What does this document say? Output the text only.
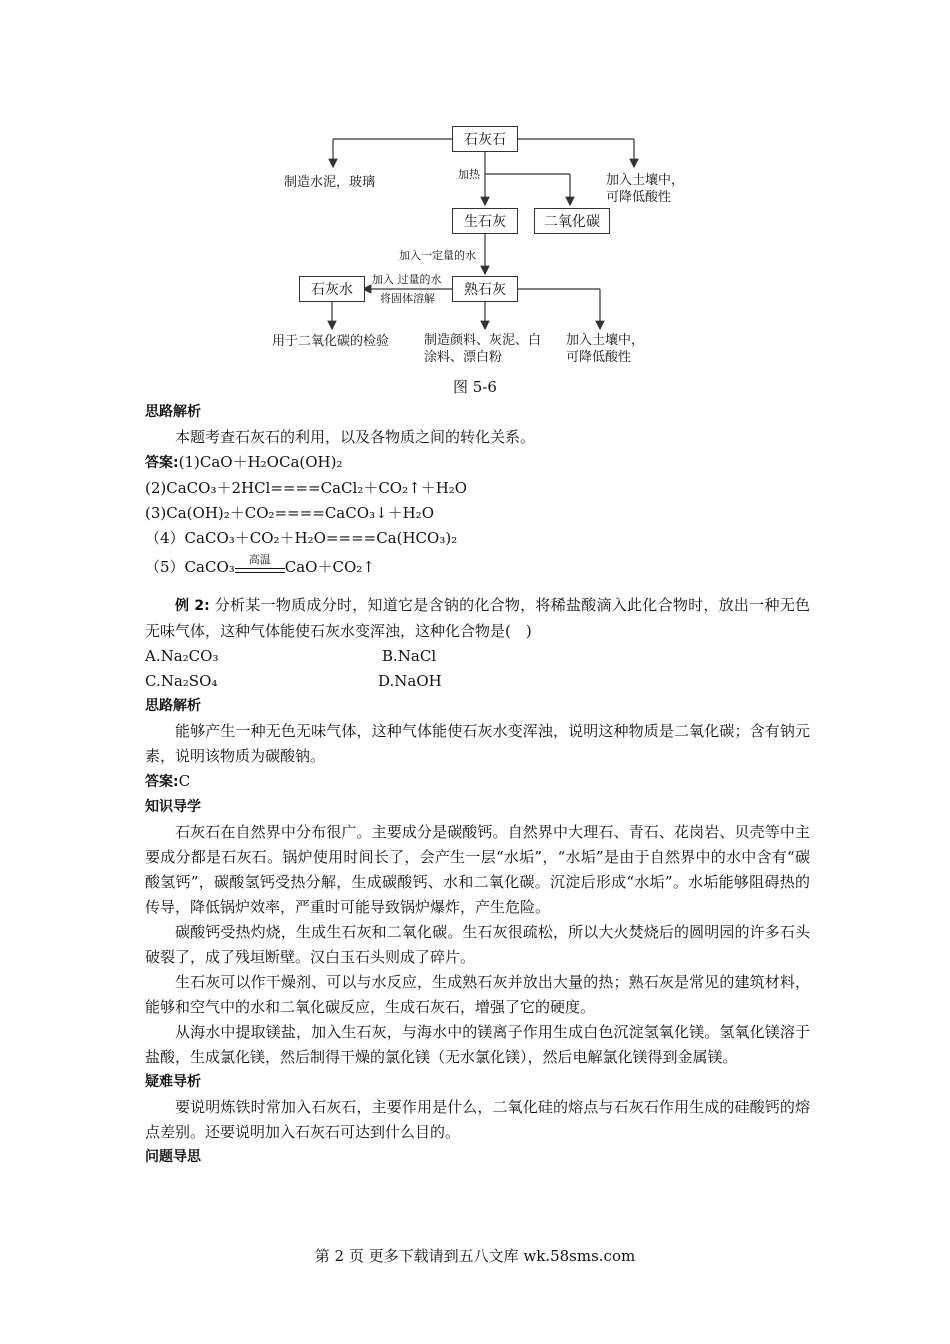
石灰石
生石灰	二氧化碳
熟石灰
石灰水
制造水泥，玻璃
加热	加入土壤中，
可降低酸性
加入一定量的水
加入 过量的水
将固体溶解
用于二氧化碳的检验	制造颜料、灰泥、白
涂料、漂白粉
加入土壤中，
可降低酸性
图 5-6
思路解析
本题考查石灰石的利用，以及各物质之间的转化关系。
答案:(1)CaO＋H₂OCa(OH)₂
(2)CaCO₃＋2HCl====CaCl₂＋CO₂↑＋H₂O
(3)Ca(OH)₂＋CO₂====CaCO₃↓＋H₂O
（4）CaCO₃＋CO₂＋H₂O====Ca(HCO₃)₂
（5）CaCO₃	高温 CaO＋CO₂↑
例 2: 分析某一物质成分时，知道它是含钠的化合物，将稀盐酸滴入此化合物时，放出一种无色无味气体，这种气体能使石灰水变浑浊，这种化合物是(　)
A.Na₂CO₃	B.NaCl
C.Na₂SO₄	D.NaOH
思路解析
能够产生一种无色无味气体，这种气体能使石灰水变浑浊，说明这种物质是二氧化碳；含有钠元素，说明该物质为碳酸钠。
答案:C
知识导学
石灰石在自然界中分布很广。主要成分是碳酸钙。自然界中大理石、青石、花岗岩、贝壳等中主要成分都是石灰石。锅炉使用时间长了，会产生一层“水垢”，“水垢”是由于自然界中的水中含有“碳酸氢钙”，碳酸氢钙受热分解，生成碳酸钙、水和二氧化碳。沉淀后形成“水垢”。水垢能够阻碍热的传导，降低锅炉效率，严重时可能导致锅炉爆炸，产生危险。
碳酸钙受热灼烧，生成生石灰和二氧化碳。生石灰很疏松，所以大火焚烧后的圆明园的许多石头破裂了，成了残垣断壁。汉白玉石头则成了碎片。
生石灰可以作干燥剂、可以与水反应，生成熟石灰并放出大量的热；熟石灰是常见的建筑材料，能够和空气中的水和二氧化碳反应，生成石灰石，增强了它的硬度。
从海水中提取镁盐，加入生石灰，与海水中的镁离子作用生成白色沉淀氢氧化镁。氢氧化镁溶于盐酸，生成氯化镁，然后制得干燥的氯化镁（无水氯化镁），然后电解氯化镁得到金属镁。
疑难导析
要说明炼铁时常加入石灰石，主要作用是什么，二氧化硅的熔点与石灰石作用生成的硅酸钙的熔点差别。还要说明加入石灰石可达到什么目的。
问题导思
第 2 页 更多下载请到五八文库 wk.58sms.com
